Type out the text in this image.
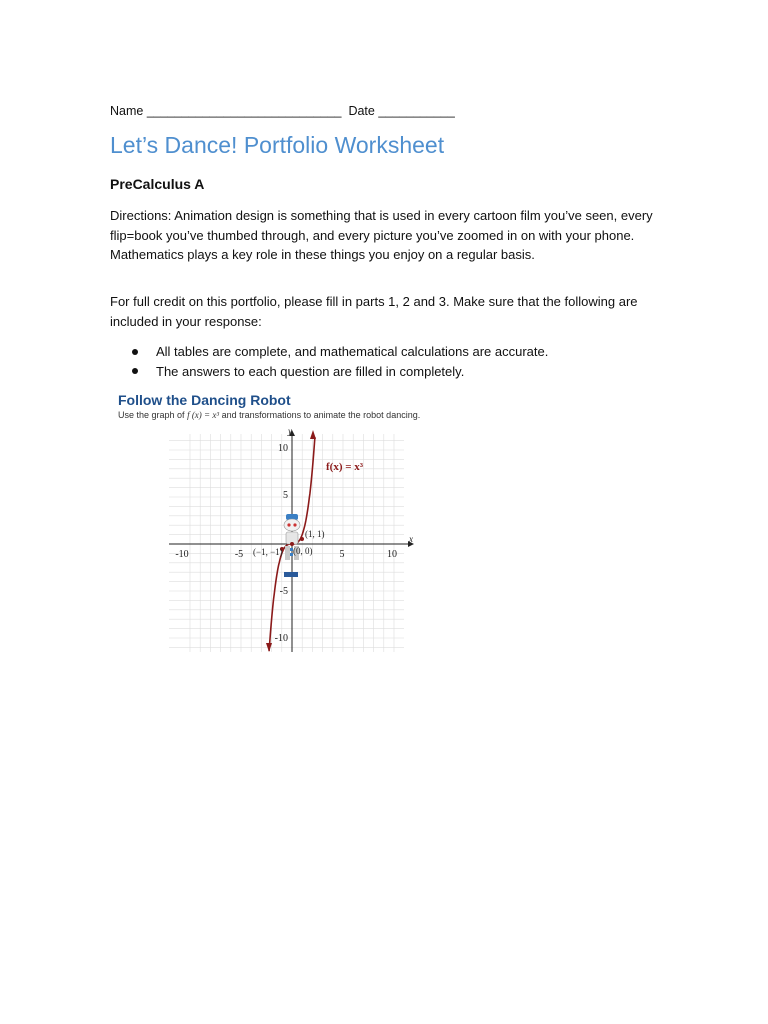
Name ____________________________ Date ___________
Let’s Dance! Portfolio Worksheet
PreCalculus A
Directions: Animation design is something that is used in every cartoon film you’ve seen, every flip=book you’ve thumbed through, and every picture you’ve zoomed in on with your phone. Mathematics plays a key role in these things you enjoy on a regular basis.
For full credit on this portfolio, please fill in parts 1, 2 and 3. Make sure that the following are included in your response:
All tables are complete, and mathematical calculations are accurate.
The answers to each question are filled in completely.
Follow the Dancing Robot
Use the graph of f (x) = x³ and transformations to animate the robot dancing.
x
y
-10	-5	5	10
10
5
-5
-10
f(x) = x³
(1, 1)
(−1, −1) (0, 0)
